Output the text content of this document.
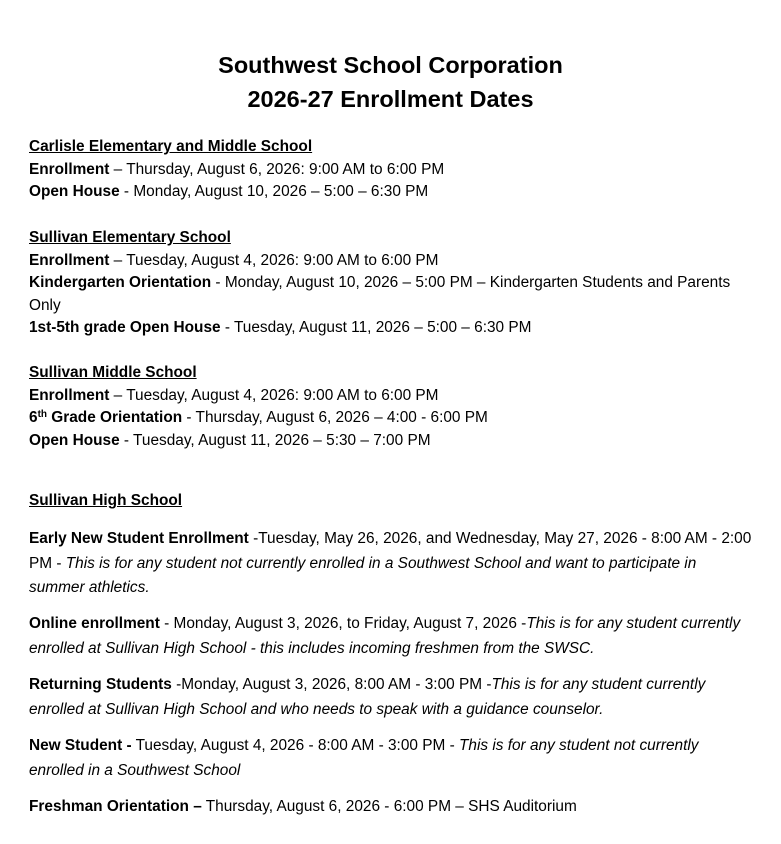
Southwest School Corporation
2026-27 Enrollment Dates
Carlisle Elementary and Middle School
Enrollment – Thursday, August 6, 2026: 9:00 AM to 6:00 PM
Open House - Monday, August 10, 2026 – 5:00 – 6:30 PM
Sullivan Elementary School
Enrollment – Tuesday, August 4, 2026: 9:00 AM to 6:00 PM
Kindergarten Orientation - Monday, August 10, 2026 – 5:00 PM – Kindergarten Students and Parents Only
1st-5th grade Open House - Tuesday, August 11, 2026 – 5:00 – 6:30 PM
Sullivan Middle School
Enrollment – Tuesday, August 4, 2026: 9:00 AM to 6:00 PM
6th Grade Orientation - Thursday, August 6, 2026 – 4:00 - 6:00 PM
Open House - Tuesday, August 11, 2026 – 5:30 – 7:00 PM
Sullivan High School
Early New Student Enrollment -Tuesday, May 26, 2026, and Wednesday, May 27, 2026 - 8:00 AM - 2:00 PM - This is for any student not currently enrolled in a Southwest School and want to participate in summer athletics.
Online enrollment - Monday, August 3, 2026, to Friday, August 7, 2026 -This is for any student currently enrolled at Sullivan High School - this includes incoming freshmen from the SWSC.
Returning Students -Monday, August 3, 2026, 8:00 AM - 3:00 PM -This is for any student currently enrolled at Sullivan High School and who needs to speak with a guidance counselor.
New Student - Tuesday, August 4, 2026 - 8:00 AM - 3:00 PM - This is for any student not currently enrolled in a Southwest School
Freshman Orientation – Thursday, August 6, 2026 - 6:00 PM – SHS Auditorium
